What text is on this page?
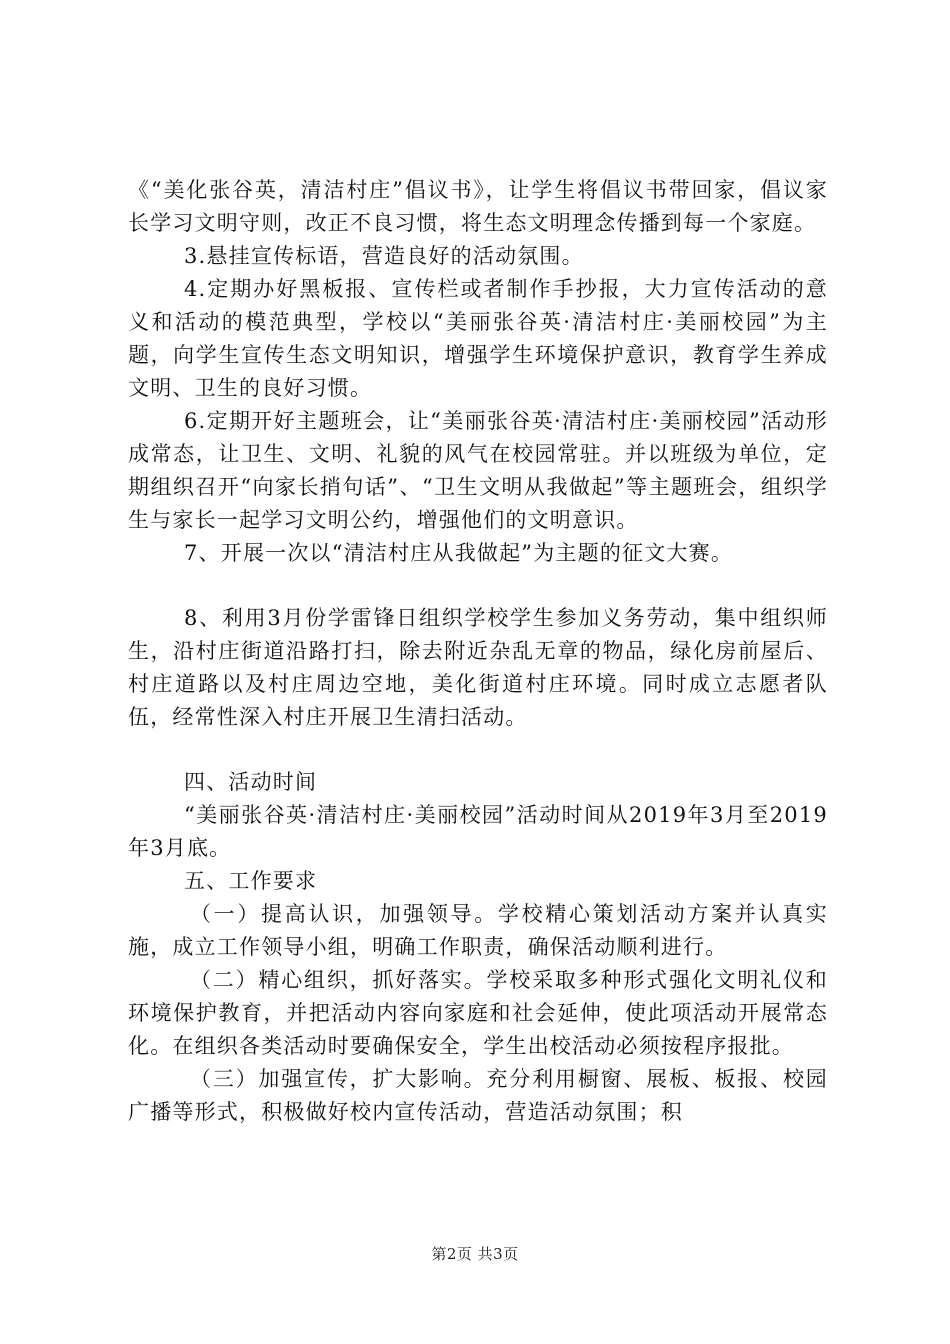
《“美化张谷英，清洁村庄”倡议书》，让学生将倡议书带回家，倡议家长学习文明守则，改正不良习惯，将生态文明理念传播到每一个家庭。

3.悬挂宣传标语，营造良好的活动氛围。

4.定期办好黑板报、宣传栏或者制作手抄报，大力宣传活动的意义和活动的模范典型，学校以“美丽张谷英·清洁村庄·美丽校园”为主题，向学生宣传生态文明知识，增强学生环境保护意识，教育学生养成文明、卫生的良好习惯。

6.定期开好主题班会，让“美丽张谷英·清洁村庄·美丽校园”活动形成常态，让卫生、文明、礼貌的风气在校园常驻。并以班级为单位，定期组织召开“向家长捎句话”、“卫生文明从我做起”等主题班会，组织学生与家长一起学习文明公约，增强他们的文明意识。

7、开展一次以“清洁村庄从我做起”为主题的征文大赛。

8、利用3月份学雷锋日组织学校学生参加义务劳动，集中组织师生，沿村庄街道沿路打扫，除去附近杂乱无章的物品，绿化房前屋后、村庄道路以及村庄周边空地，美化街道村庄环境。同时成立志愿者队伍，经常性深入村庄开展卫生清扫活动。

四、活动时间

“美丽张谷英·清洁村庄·美丽校园”活动时间从2019年3月至2019年3月底。

五、工作要求

（一）提高认识，加强领导。学校精心策划活动方案并认真实施，成立工作领导小组，明确工作职责，确保活动顺利进行。

（二）精心组织，抓好落实。学校采取多种形式强化文明礼仪和环境保护教育，并把活动内容向家庭和社会延伸，使此项活动开展常态化。在组织各类活动时要确保安全，学生出校活动必须按程序报批。

（三）加强宣传，扩大影响。充分利用橱窗、展板、板报、校园广播等形式，积极做好校内宣传活动，营造活动氛围；积

第2页 共3页
